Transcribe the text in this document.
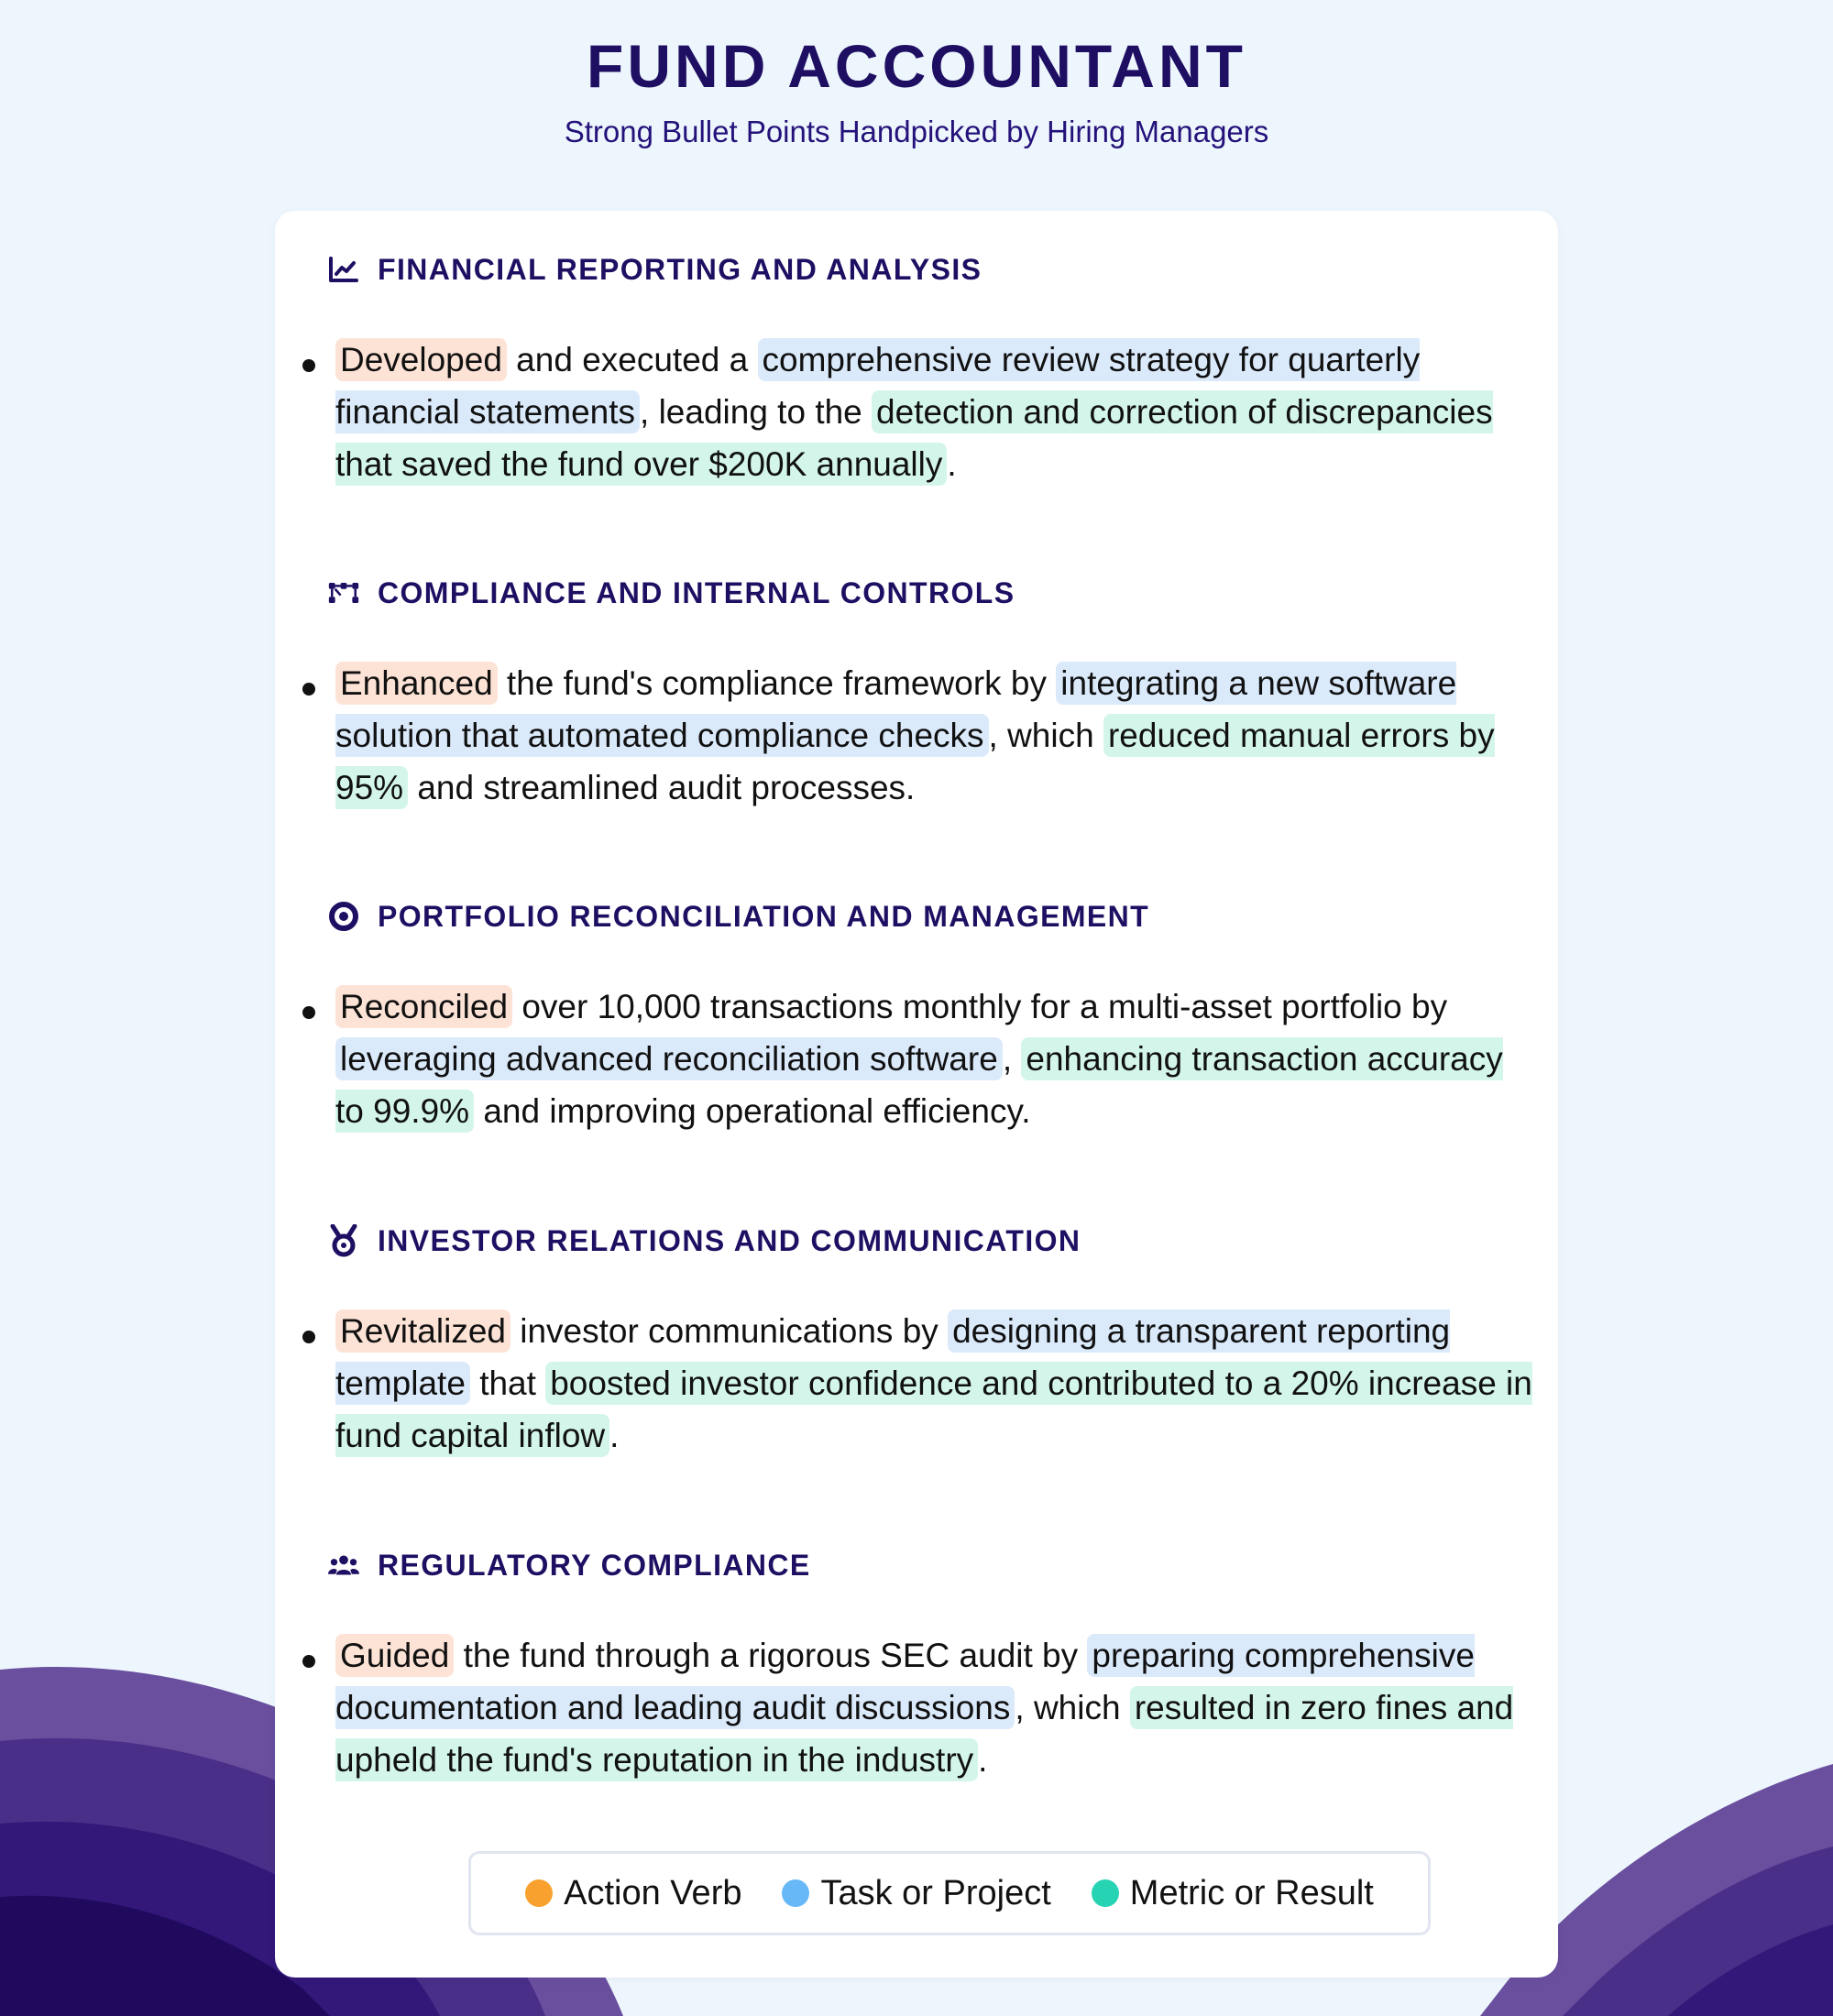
FUND ACCOUNTANT
Strong Bullet Points Handpicked by Hiring Managers
FINANCIAL REPORTING AND ANALYSIS

Developed and executed a comprehensive review strategy for quarterly financial statements , leading to the detection and correction of discrepancies that saved the fund over $200K annually .

COMPLIANCE AND INTERNAL CONTROLS

Enhanced the fund's compliance framework by integrating a new software solution that automated compliance checks , which reduced manual errors by 95% and streamlined audit processes.

PORTFOLIO RECONCILIATION AND MANAGEMENT

Reconciled over 10,000 transactions monthly for a multi-asset portfolio by leveraging advanced reconciliation software , enhancing transaction accuracy to 99.9% and improving operational efficiency.

INVESTOR RELATIONS AND COMMUNICATION

Revitalized investor communications by designing a transparent reporting template that boosted investor confidence and contributed to a 20% increase in fund capital inflow .

REGULATORY COMPLIANCE

Guided the fund through a rigorous SEC audit by preparing comprehensive documentation and leading audit discussions , which resulted in zero fines and upheld the fund's reputation in the industry .

Action Verb Task or Project Metric or Result
